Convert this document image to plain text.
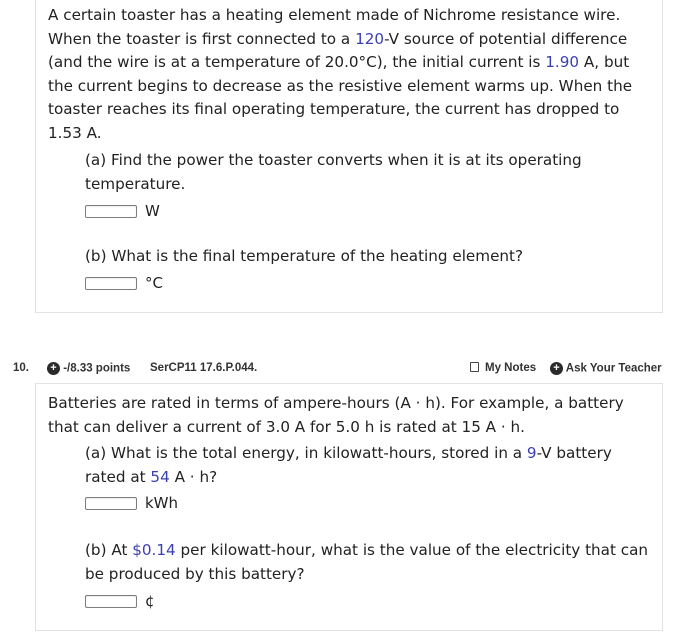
A certain toaster has a heating element made of Nichrome resistance wire. When the toaster is first connected to a 120-V source of potential difference (and the wire is at a temperature of 20.0°C), the initial current is 1.90 A, but the current begins to decrease as the resistive element warms up. When the toaster reaches its final operating temperature, the current has dropped to 1.53 A.

(a) Find the power the toaster converts when it is at its operating temperature.

W

(b) What is the final temperature of the heating element?

°C
10. + -/8.33 points SerCP11 17.6.P.044.	My Notes + Ask Your Teacher

Batteries are rated in terms of ampere-hours (A · h). For example, a battery that can deliver a current of 3.0 A for 5.0 h is rated at 15 A · h.

(a) What is the total energy, in kilowatt-hours, stored in a 9-V battery rated at 54 A · h?

kWh

(b) At $0.14 per kilowatt-hour, what is the value of the electricity that can be produced by this battery?

¢
